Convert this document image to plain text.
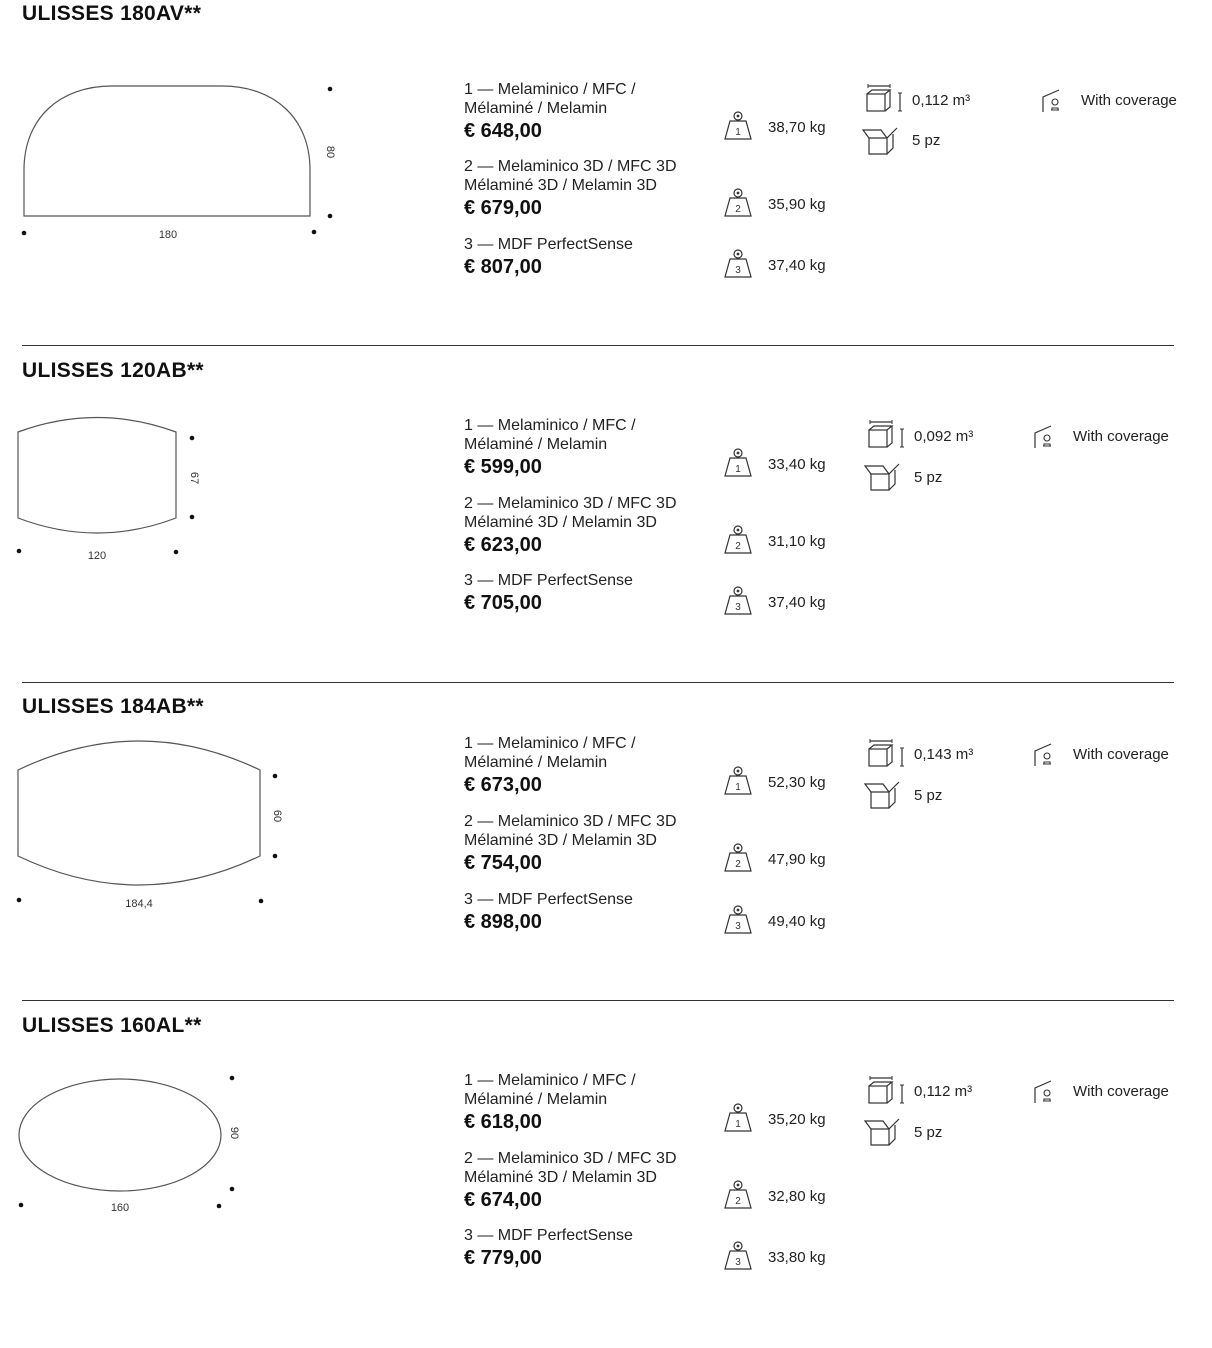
ULISSES 180AV**
180
80
1 — Melaminico / MFC /
Mélaminé / Melamin
€ 648,00
2 — Melaminico 3D / MFC 3D
Mélaminé 3D / Melamin 3D
€ 679,00
3 — MDF PerfectSense
€ 807,00
1 38,70 kg
2 35,90 kg
3 37,40 kg
0,112 m³
5 pz
With coverage
ULISSES 120AB**
120
67
1 — Melaminico / MFC /
Mélaminé / Melamin
€ 599,00
2 — Melaminico 3D / MFC 3D
Mélaminé 3D / Melamin 3D
€ 623,00
3 — MDF PerfectSense
€ 705,00
1 33,40 kg
2 31,10 kg
3 37,40 kg
0,092 m³
5 pz
With coverage
ULISSES 184AB**
184,4
60
1 — Melaminico / MFC /
Mélaminé / Melamin
€ 673,00
2 — Melaminico 3D / MFC 3D
Mélaminé 3D / Melamin 3D
€ 754,00
3 — MDF PerfectSense
€ 898,00
1 52,30 kg
2 47,90 kg
3 49,40 kg
0,143 m³
5 pz
With coverage
ULISSES 160AL**
160
90
1 — Melaminico / MFC /
Mélaminé / Melamin
€ 618,00
2 — Melaminico 3D / MFC 3D
Mélaminé 3D / Melamin 3D
€ 674,00
3 — MDF PerfectSense
€ 779,00
1 35,20 kg
2 32,80 kg
3 33,80 kg
0,112 m³
5 pz
With coverage
